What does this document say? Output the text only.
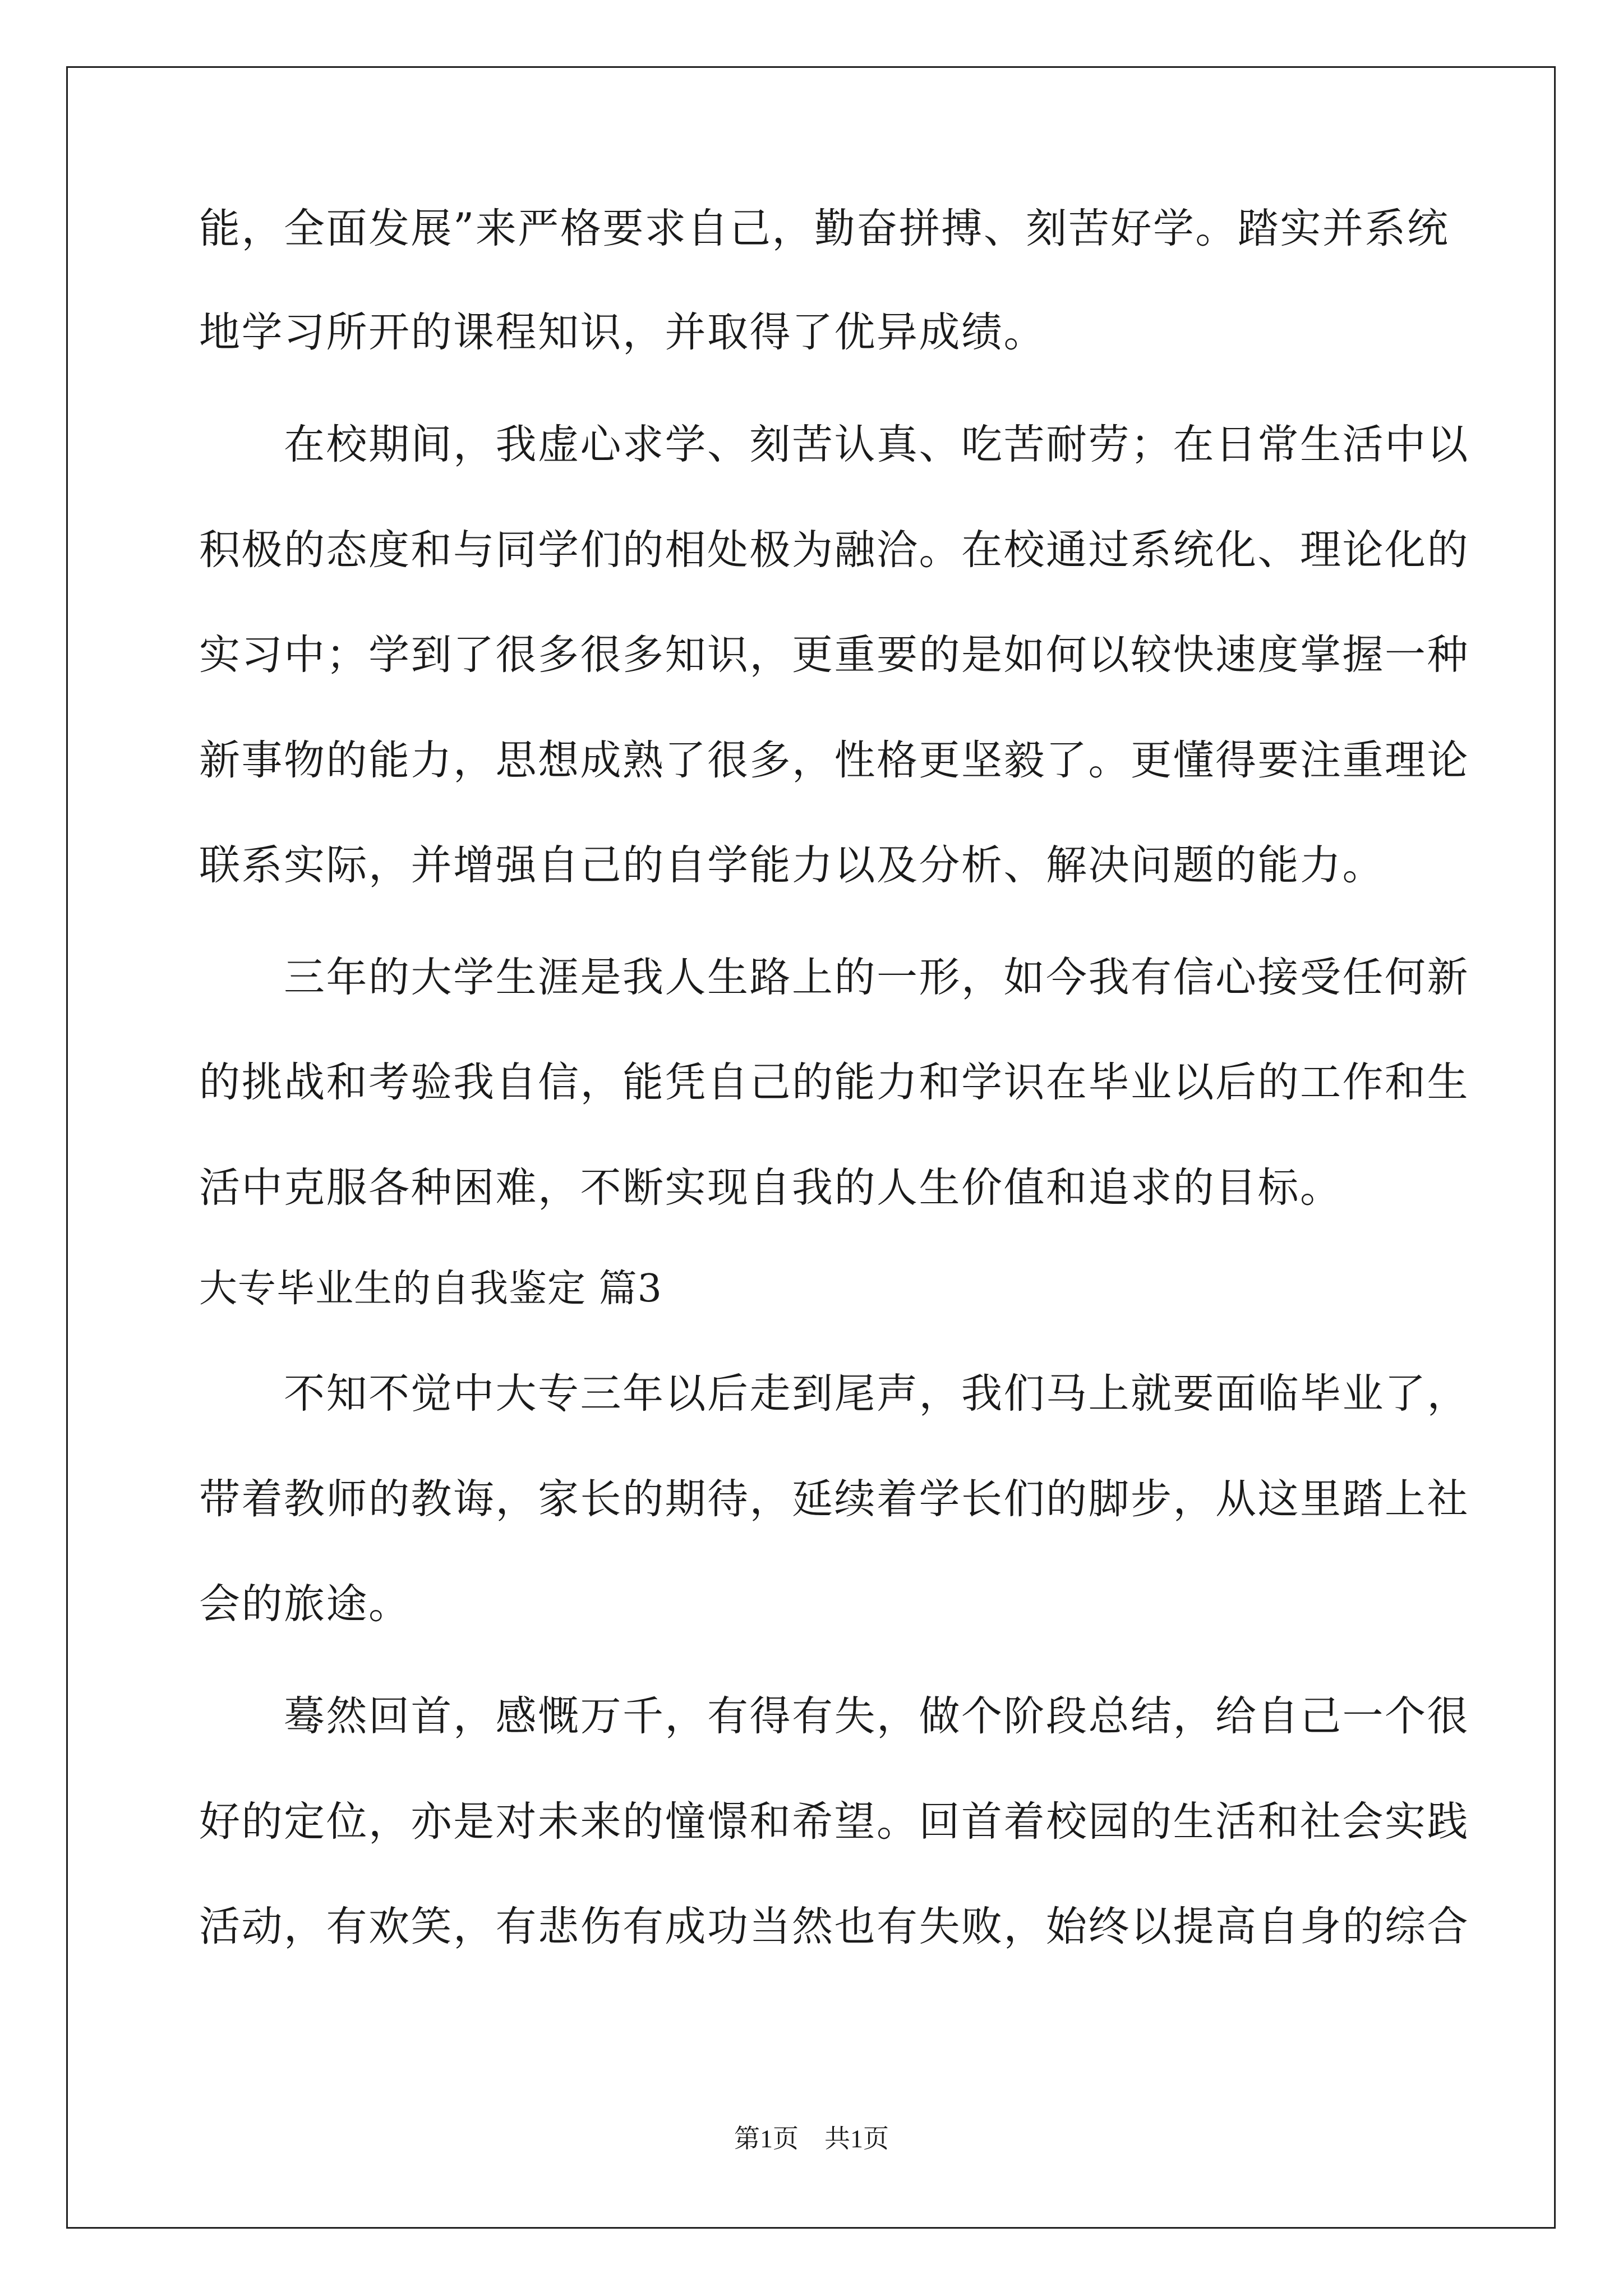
能，全面发展”来严格要求自己，勤奋拼搏、刻苦好学。踏实并系统
地学习所开的课程知识，并取得了优异成绩。
　　在校期间，我虚心求学、刻苦认真、吃苦耐劳；在日常生活中以
积极的态度和与同学们的相处极为融洽。在校通过系统化、理论化的
实习中；学到了很多很多知识，更重要的是如何以较快速度掌握一种
新事物的能力，思想成熟了很多，性格更坚毅了。更懂得要注重理论
联系实际，并增强自己的自学能力以及分析、解决问题的能力。
　　三年的大学生涯是我人生路上的一形，如今我有信心接受任何新
的挑战和考验我自信，能凭自己的能力和学识在毕业以后的工作和生
活中克服各种困难，不断实现自我的人生价值和追求的目标。
大专毕业生的自我鉴定 篇3
　　不知不觉中大专三年以后走到尾声，我们马上就要面临毕业了，
带着教师的教诲，家长的期待，延续着学长们的脚步，从这里踏上社
会的旅途。
　　蓦然回首，感慨万千，有得有失，做个阶段总结，给自己一个很
好的定位，亦是对未来的憧憬和希望。回首着校园的生活和社会实践
活动，有欢笑，有悲伤有成功当然也有失败，始终以提高自身的综合
第1页 共1页
